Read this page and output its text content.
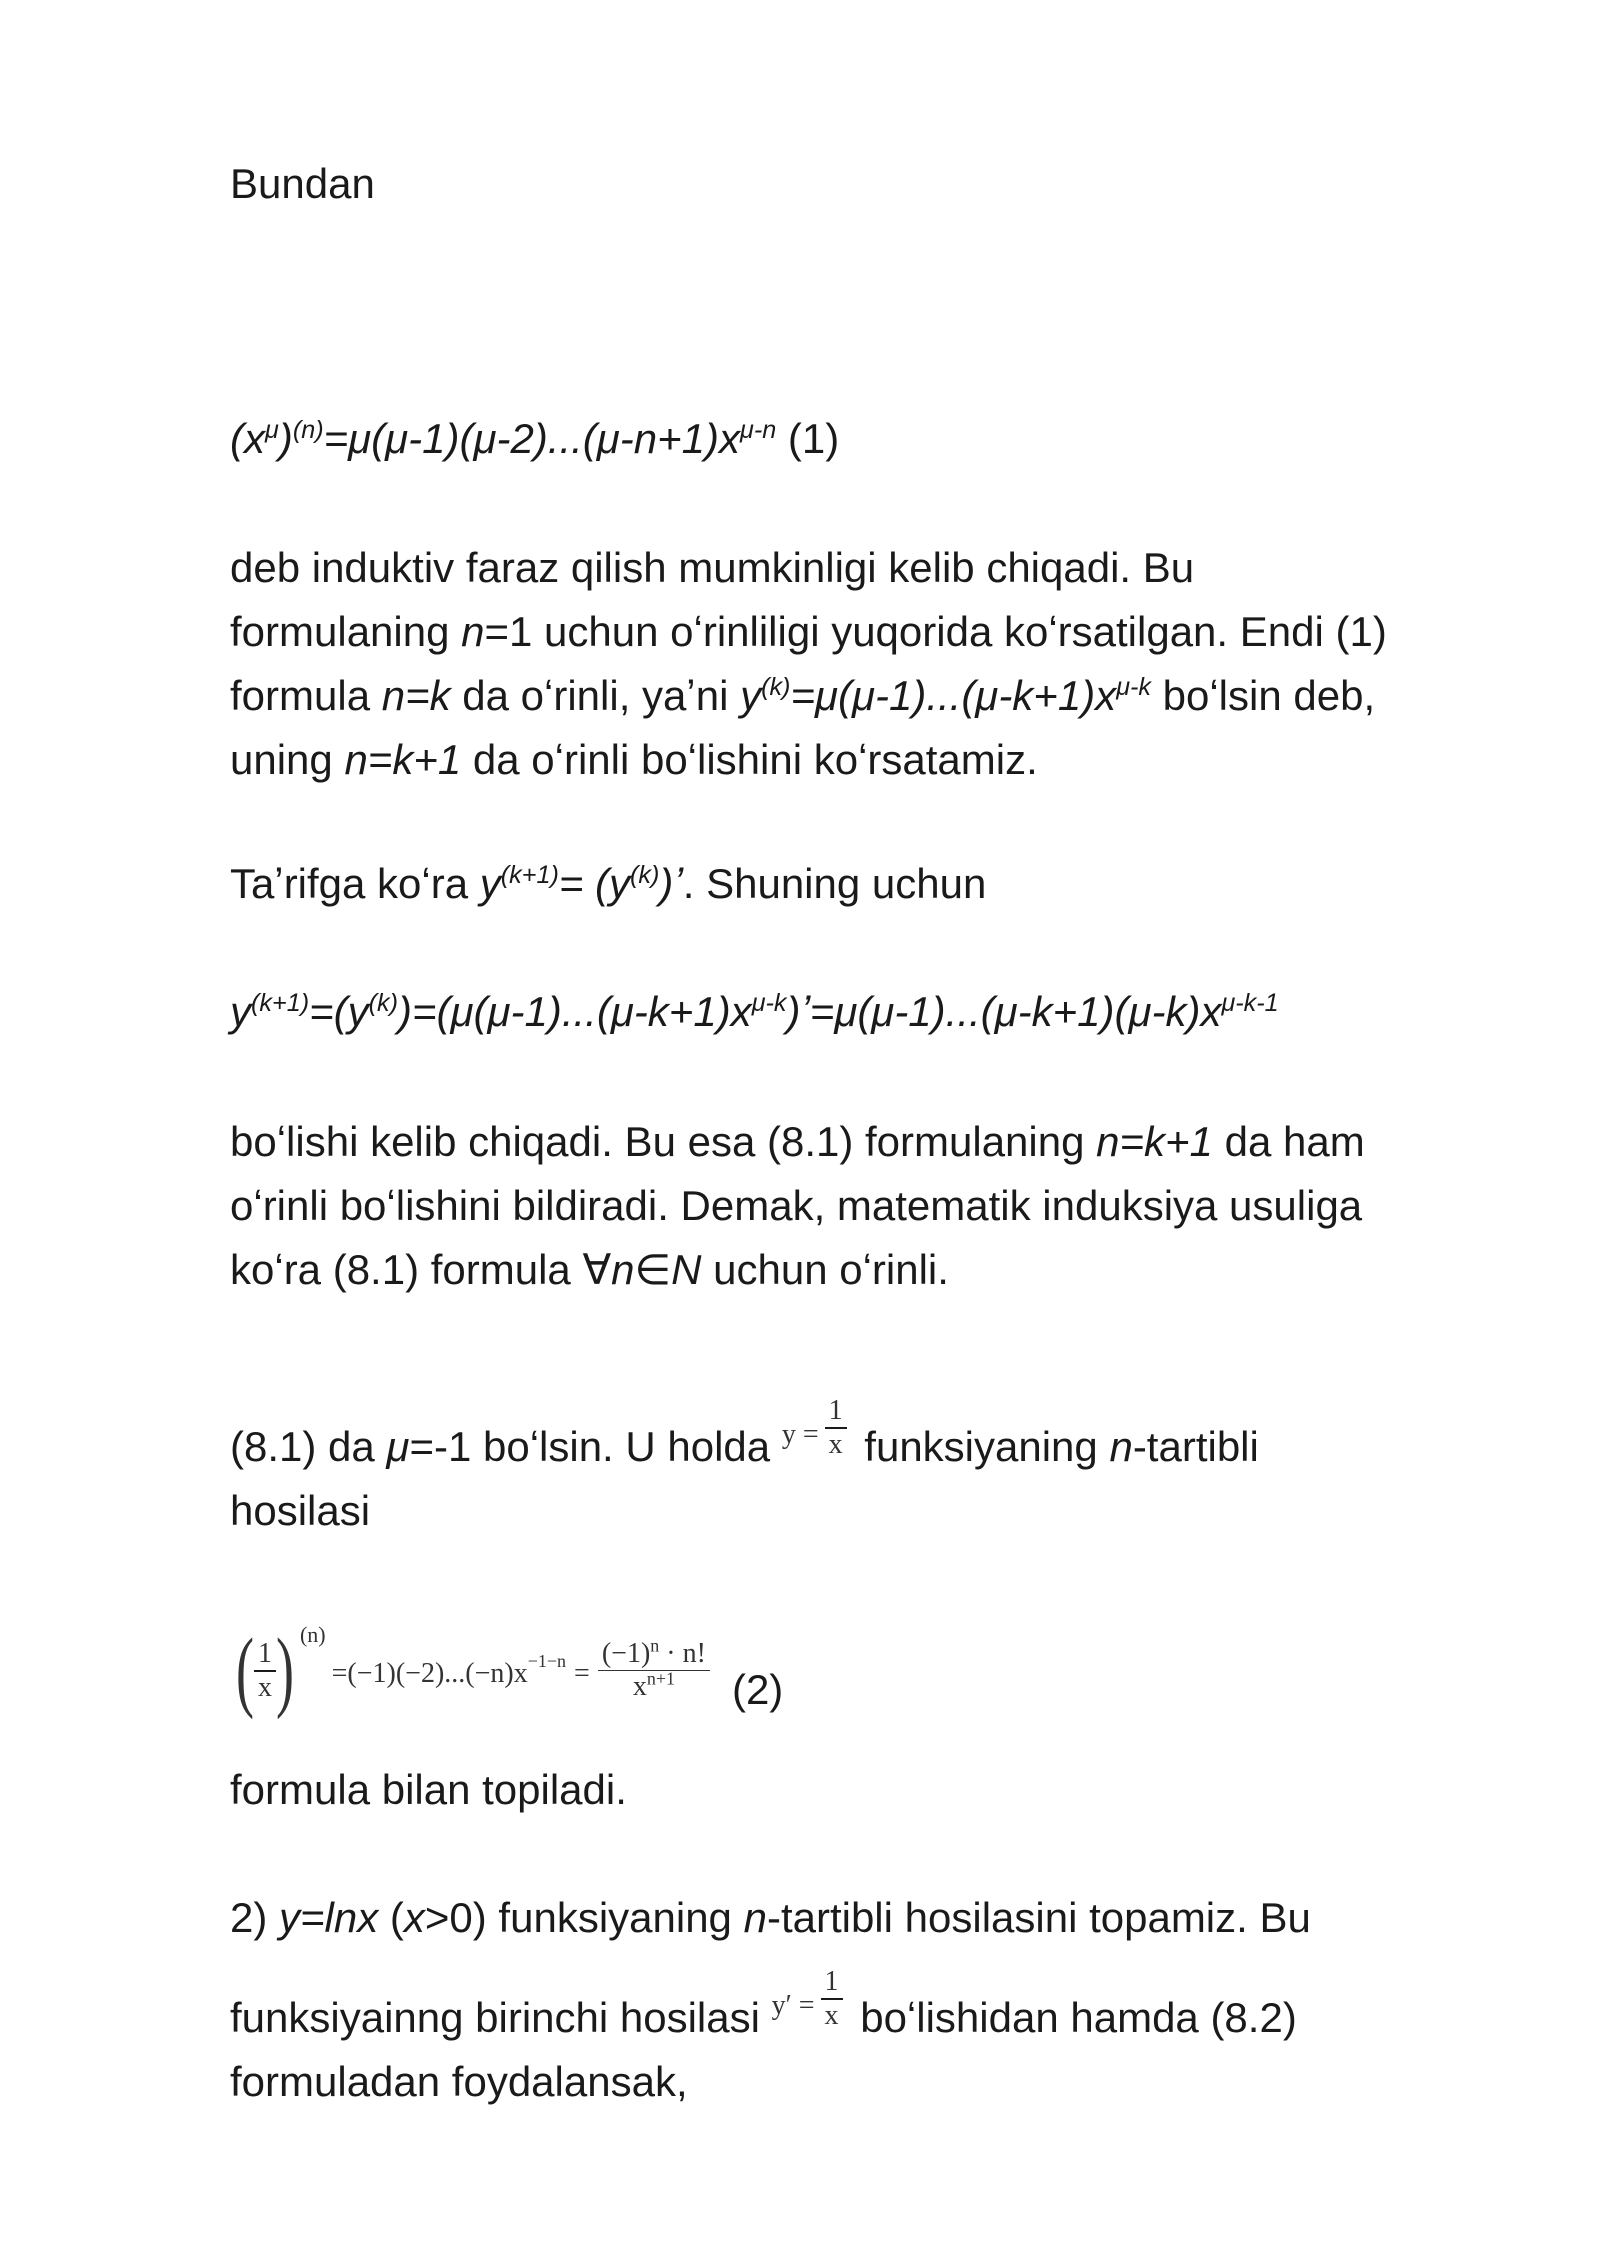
Bundan
$(x^\mu)^{(n)}=\mu(\mu-1)(\mu-2)...(\mu-n+1)x^{\mu-n}$ (1)
deb induktiv faraz qilish mumkinligi kelib chiqadi. Bu
formulaning n=1 uchun oʻrinliligi yuqorida koʻrsatilgan. Endi (1)
formula n=k da oʻrinli, yaʼni $y^{(k)}=\mu(\mu-1)...(\mu-k+1)x^{\mu-k}$ boʻlsin deb,
uning n=k+1 da oʻrinli boʻlishini koʻrsatamiz.
Taʼrifga koʻra $y^{(k+1)}=$ $(y^{(k)})ʼ$. Shuning uchun
$y^{(k+1)}=(y^{(k)})=(\mu(\mu-1)...(\mu-k+1)x^{\mu-k})ʼ=\mu(\mu-1)...(\mu-k+1)(\mu-k)x^{\mu-k-1}$
boʻlishi kelib chiqadi. Bu esa (8.1) formulaning n=k+1 da ham
oʻrinli boʻlishini bildiradi. Demak, matematik induksiya usuliga
koʻra (8.1) formula ∀n∈N uchun oʻrinli.
(8.1) da μ=-1 boʻlsin. U holda $^{y =} \frac{1}{x}$ funksiyaning n-tartibli
hosilasi
( $\frac{1}{x}$ ) $^{(n)}=(-1)(-2)...(-n)x^{-1-n} = \frac{(-1)^n \cdot n!}{x^{n+1}} (2)$
formula bilan topiladi.
2) y=lnx (x>0) funksiyaning n-tartibli hosilasini topamiz. Bu
funksiyainng birinchi hosilasi $^{y' =} \frac{1}{x}$ boʻlishidan hamda (8.2)
formuladan foydalansak,
